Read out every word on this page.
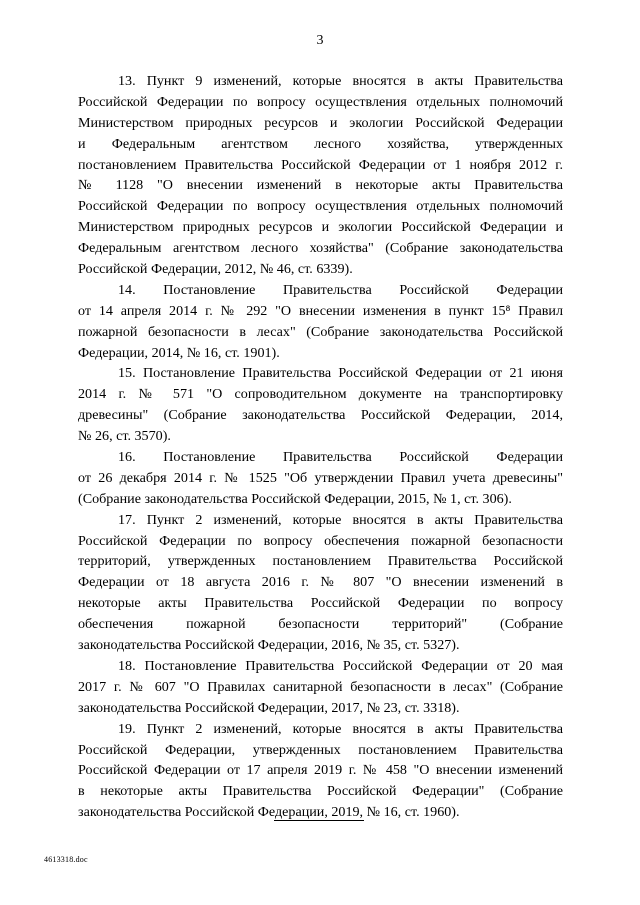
3
13. Пункт 9 изменений, которые вносятся в акты Правительства
Российской Федерации по вопросу осуществления отдельных полномочий
Министерством природных ресурсов и экологии Российской Федерации
и Федеральным агентством лесного хозяйства, утвержденных
постановлением Правительства Российской Федерации от 1 ноября 2012 г.
№ 1128 "О внесении изменений в некоторые акты Правительства
Российской Федерации по вопросу осуществления отдельных полномочий
Министерством природных ресурсов и экологии Российской Федерации и
Федеральным агентством лесного хозяйства" (Собрание законодательства
Российской Федерации, 2012, № 46, ст. 6339).
14. Постановление Правительства Российской Федерации
от 14 апреля 2014 г. № 292 "О внесении изменения в пункт 15⁸ Правил
пожарной безопасности в лесах" (Собрание законодательства Российской
Федерации, 2014, № 16, ст. 1901).
15. Постановление Правительства Российской Федерации от 21 июня
2014 г. № 571 "О сопроводительном документе на транспортировку
древесины" (Собрание законодательства Российской Федерации, 2014,
№ 26, ст. 3570).
16. Постановление Правительства Российской Федерации
от 26 декабря 2014 г. № 1525 "Об утверждении Правил учета древесины"
(Собрание законодательства Российской Федерации, 2015, № 1, ст. 306).
17. Пункт 2 изменений, которые вносятся в акты Правительства
Российской Федерации по вопросу обеспечения пожарной безопасности
территорий, утвержденных постановлением Правительства Российской
Федерации от 18 августа 2016 г. № 807 "О внесении изменений в
некоторые акты Правительства Российской Федерации по вопросу
обеспечения пожарной безопасности территорий" (Собрание
законодательства Российской Федерации, 2016, № 35, ст. 5327).
18. Постановление Правительства Российской Федерации от 20 мая
2017 г. № 607 "О Правилах санитарной безопасности в лесах" (Собрание
законодательства Российской Федерации, 2017, № 23, ст. 3318).
19. Пункт 2 изменений, которые вносятся в акты Правительства
Российской Федерации, утвержденных постановлением Правительства
Российской Федерации от 17 апреля 2019 г. № 458 "О внесении изменений
в некоторые акты Правительства Российской Федерации" (Собрание
законодательства Российской Федерации, 2019, № 16, ст. 1960).
4613318.doc
